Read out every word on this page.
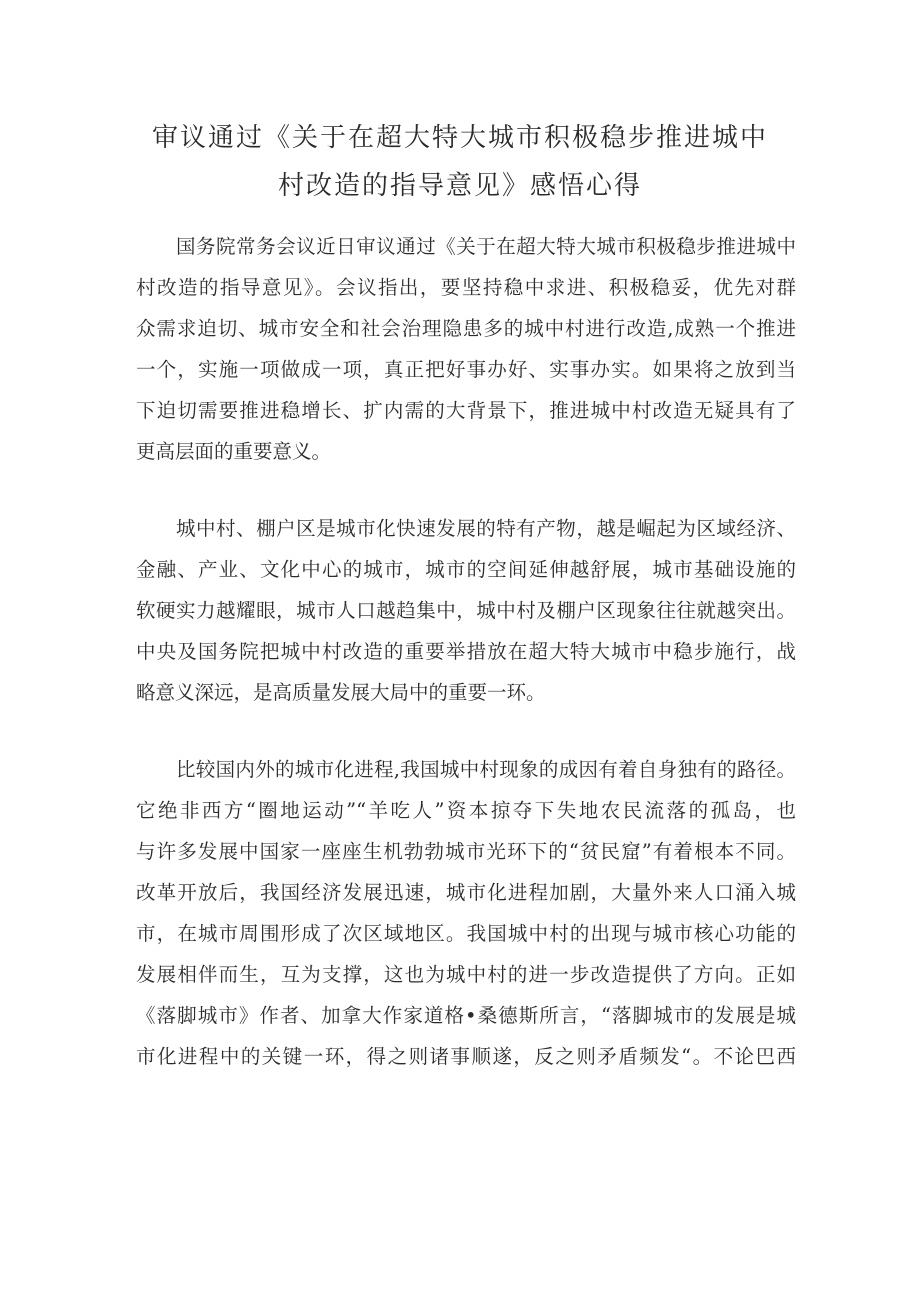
审议通过《关于在超大特大城市积极稳步推进城中
村改造的指导意见》感悟心得

国务院常务会议近日审议通过《关于在超大特大城市积极稳步推进城中
村改造的指导意见》。会议指出，要坚持稳中求进、积极稳妥，优先对群
众需求迫切、城市安全和社会治理隐患多的城中村进行改造,成熟一个推进
一个，实施一项做成一项，真正把好事办好、实事办实。如果将之放到当
下迫切需要推进稳增长、扩内需的大背景下，推进城中村改造无疑具有了
更高层面的重要意义。

城中村、棚户区是城市化快速发展的特有产物，越是崛起为区域经济、
金融、产业、文化中心的城市，城市的空间延伸越舒展，城市基础设施的
软硬实力越耀眼，城市人口越趋集中，城中村及棚户区现象往往就越突出。
中央及国务院把城中村改造的重要举措放在超大特大城市中稳步施行，战
略意义深远，是高质量发展大局中的重要一环。

比较国内外的城市化进程,我国城中村现象的成因有着自身独有的路径。
它绝非西方“圈地运动”“羊吃人”资本掠夺下失地农民流落的孤岛，也
与许多发展中国家一座座生机勃勃城市光环下的“贫民窟”有着根本不同。
改革开放后，我国经济发展迅速，城市化进程加剧，大量外来人口涌入城
市，在城市周围形成了次区域地区。我国城中村的出现与城市核心功能的
发展相伴而生，互为支撑，这也为城中村的进一步改造提供了方向。正如
《落脚城市》作者、加拿大作家道格•桑德斯所言，“落脚城市的发展是城
市化进程中的关键一环，得之则诸事顺遂，反之则矛盾频发“。不论巴西
